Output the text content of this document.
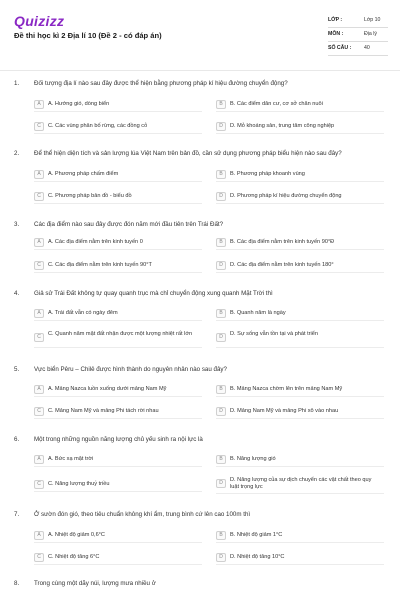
Quizizz
Đề thi học kì 2 Địa lí 10 (Đề 2 - có đáp án)
LỚP :	Lớp 10
MÔN :	Địa lý
SỐ CÂU : 40
1. Đối tượng địa lí nào sau đây được thể hiện bằng phương pháp kí hiệu đường chuyển động?
A	A. Hướng gió, dòng biển	B	B. Các điểm dân cư, cơ sở chăn nuôi
C	C. Các vùng phân bố rừng, các đồng cỏ	D	D. Mỏ khoáng sản, trung tâm công nghiệp
2. Để thể hiện diện tích và sản lượng lúa Việt Nam trên bản đồ, cần sử dụng phương pháp biểu hiện nào sau đây?
A	A. Phương pháp chấm điểm	B	B. Phương pháp khoanh vùng
C	C. Phương pháp bản đồ - biểu đồ	D	D. Phương pháp kí hiệu đường chuyển động
3. Các địa điểm nào sau đây được đón năm mới đầu tiên trên Trái Đất?
A	A. Các địa điểm nằm trên kinh tuyến 0	B	B. Các địa điểm nằm trên kinh tuyến 90°Đ
C	C. Các địa điểm nằm trên kinh tuyến 90°T	D	D. Các địa điểm nằm trên kinh tuyến 180°
4. Giả sử Trái Đất không tự quay quanh trục mà chỉ chuyển động xung quanh Mặt Trời thì
A	A. Trái đất vẫn có ngày đêm	B	B. Quanh năm là ngày
C	C. Quanh năm mặt đất nhận được một lượng nhiệt rất lớn	D	D. Sự sống vẫn tồn tại và phát triển
5. Vực biển Pêru – Chilê được hình thành do nguyên nhân nào sau đây?
A	A. Mảng Nazca luồn xuống dưới mảng Nam Mỹ	B	B. Mảng Nazca chờm lên trên mảng Nam Mỹ
C	C. Mảng Nam Mỹ và mảng Phi tách rời nhau	D	D. Mảng Nam Mỹ và mảng Phi xô vào nhau
6. Một trong những nguồn năng lượng chủ yếu sinh ra nội lực là
A	A. Bức xạ mặt trời	B	B. Năng lượng gió
C	C. Năng lượng thuỷ triều	D	D. Năng lượng của sự dịch chuyển các vật chất theo quy luật trọng lực
7. Ở sườn đón gió, theo tiêu chuẩn không khí ẩm, trung bình cứ lên cao 100m thì
A	A. Nhiệt độ giảm 0,6°C	B	B. Nhiệt độ giảm 1°C
C	C. Nhiệt độ tăng 6°C	D	D. Nhiệt độ tăng 10°C
8. Trong cùng một dãy núi, lượng mưa nhiều ở
